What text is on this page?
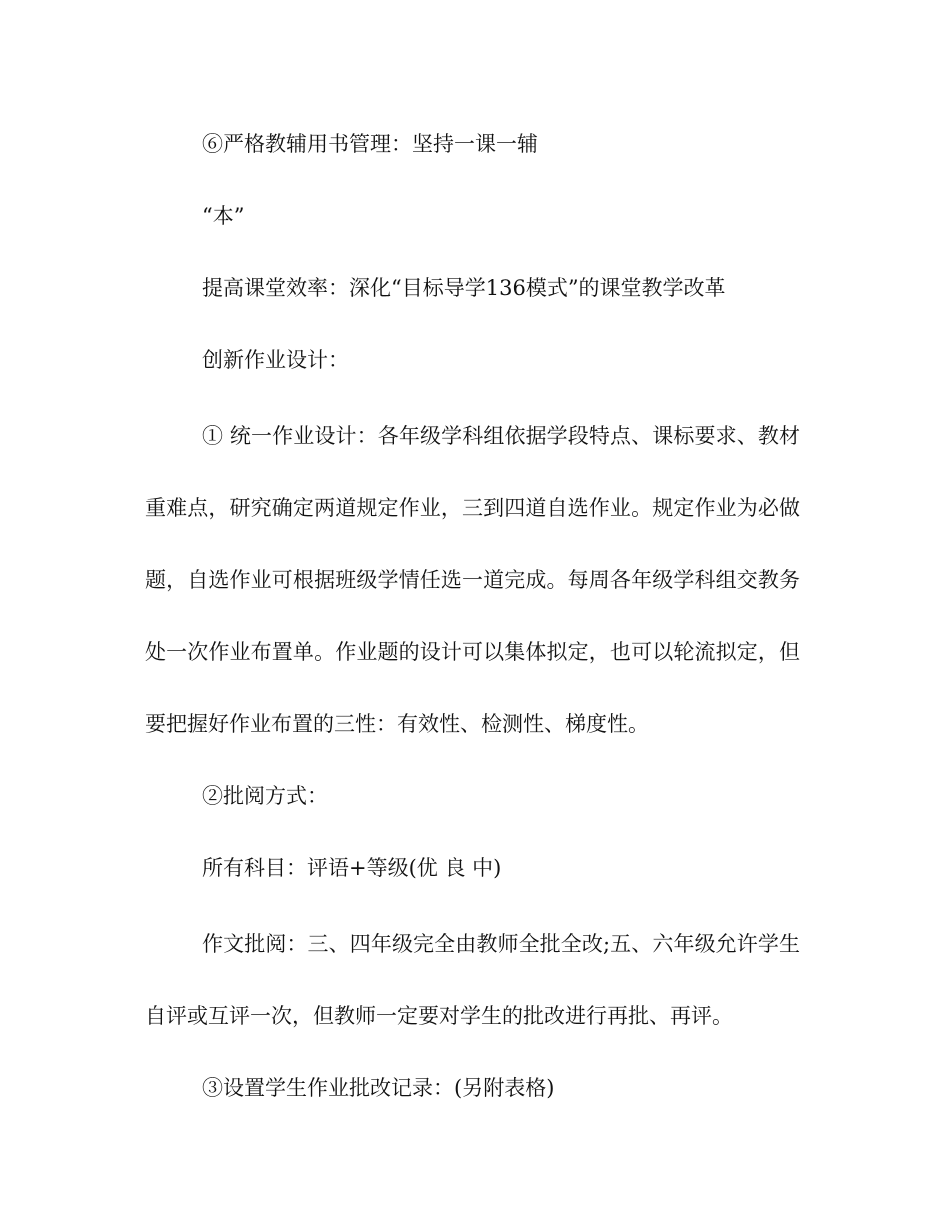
⑥严格教辅用书管理：坚持一课一辅

“本”

提高课堂效率：深化“目标导学136模式”的课堂教学改革

创新作业设计：

① 统一作业设计：各年级学科组依据学段特点、课标要求、教材重难点，研究确定两道规定作业，三到四道自选作业。规定作业为必做题，自选作业可根据班级学情任选一道完成。每周各年级学科组交教务处一次作业布置单。作业题的设计可以集体拟定，也可以轮流拟定，但要把握好作业布置的三性：有效性、检测性、梯度性。

②批阅方式：

所有科目：评语+等级(优 良 中)

作文批阅：三、四年级完全由教师全批全改;五、六年级允许学生自评或互评一次，但教师一定要对学生的批改进行再批、再评。

③设置学生作业批改记录：(另附表格)
